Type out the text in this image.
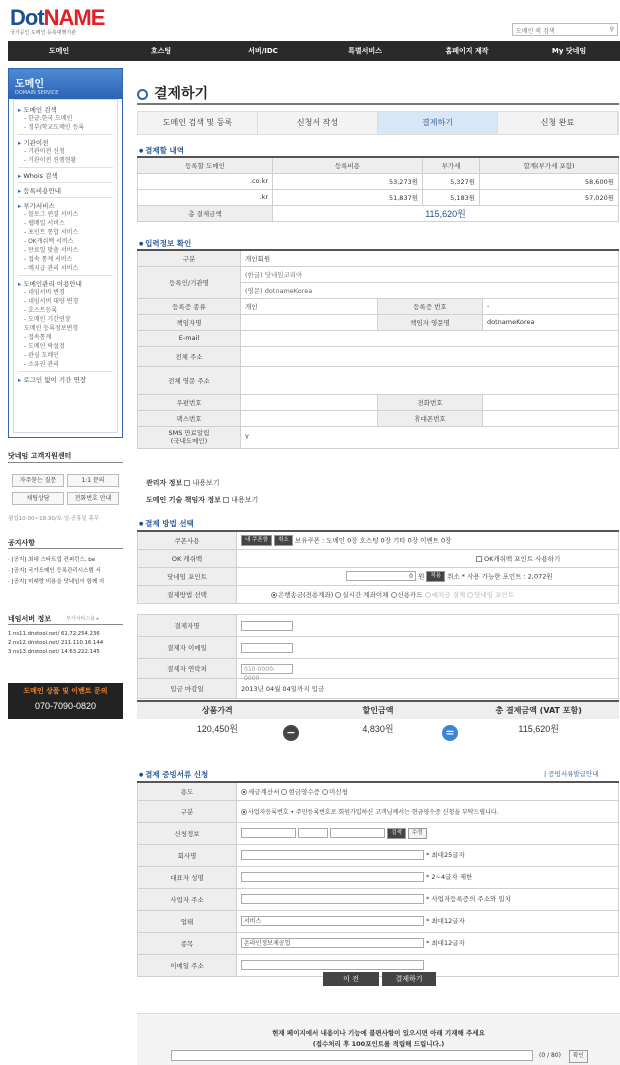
DotNAME
국가공인 도메인 등록대행기관	도메인 퀵 검색	⚲
도메인	호스팅	서버/IDC	특별서비스	홈페이지 제작	My 닷네임
도메인
DOMAIN SERVICE
▸ 도메인 검색
- 한글.한국 도메인
- 정부/학교도메인 등록
▸ 기관이전
- 기관이전 신청
- 기관이전 진행현황
▸ Whois 검색
▸ 등록비용안내
▸ 부가서비스
- 블로그 연결 서비스
- 웹메일 서비스
- 포인트 통합 서비스
- OK캐쉬백 서비스
- 만료일 맞춤 서비스
- 접속 통계 서비스
- 메지급 관리 서비스
▸ 도메인관리 이용안내
- 네임서버 변경
- 네임서버 대량 변경
- 호스트등록
- 도메인 기간연장
도메인 등록정보변경
- 접속통계
- 도메인 락설정
- 관심 도메인
- 소유권 관리
▸ 로그인 없이 기간 연장
닷네임 고객지원센터
자주묻는 질문	1:1 문의
채팅상담	전화번호 안내
평일10:00~18:30/토·일·공휴일 휴무
공지사항
· [공지] 최대 스타트업 컨퍼런스, be
· [공지] 국가도메인 등록관리시스템 서
· [공지] 미래랑 비용을 닷네임이 함께 지
네임서버 정보	부가서비스용 ▸
1 ns11.dnstool.net/ 61.72.254.236
2 ns12.dnstool.net/ 211.110.16.144
3 ns13.dnstool.net/ 14.63.222.145
도메인 상품 및 이벤트 문의
070-7090-0820
결제하기
도메인 검색 및 등록	신청서 작성	결제하기	신청 완료
● 결제할 내역
등록할 도메인	등록비용	부가세	합계(부가세 포함)
.co.kr	53,273원	5,327원	58,600원
.kr	51,837원	5,183원	57,020원
총 결제금액	115,620원		
● 입력정보 확인
구분	개인회원		
등록인/기관명	(한글) 닷네임코리아		
	(영문) dotnameKorea		
등록증 종류	개인	등록증 번호	-
책임자명		책임자 영문명	dotnameKorea
E-mail			
전체 주소			
전체 영문 주소			
우편번호		전화번호	
팩스번호		휴대폰번호	
SMS 만료알림
(국내도메인)	Y		
관리자 정보 내용보기
도메인 기술 책임자 정보 내용보기
● 결제 방법 선택
쿠폰사용	내 쿠폰함 취소 보유쿠폰 : 도메인 0장 호스팅 0장 기타 0장 이벤트 0장
OK 캐쉬백	OK캐쉬백 포인트 사용하기
닷네임 포인트	0 원 적용 취소 * 사용 가능한 포인트 : 2,072원
결제방법 선택	은행송금(전용계좌) 실시간 계좌이체 신용카드 예치금 결제 닷네임 포인트
결제자명	
결제자 이메일	
결제자 연락처	010-0000-0000
입금 마감일	2013년 04월 04일까지 입금
상품가격	할인금액	총 결제금액 (VAT 포함)
120,450원	4,830원	115,620원
−	=
● 결제 증빙서류 신청	| 증빙서류발급안내
용도	세금계산서 현금영수증 미신청
구분	사업자등록번호 • 주민등록번호로 회원가입하신 고객님께서는 현금영수증 신청을 부탁드립니다.
신청정보	검색 수정
회사명	* 최대25글자
대표자 성명	* 2~4글자 제한
사업자 주소	* 사업자등록증의 주소와 일치
업태	서비스 * 최대12글자
종목	온라인정보제공업 * 최대12글자
이메일 주소	
이 전	결제하기
현재 페이지에서 내용이나 기능에 불편사항이 있으시면 아래 기재해 주세요
(접수처리 후 100포인트를 적립해 드립니다.)
(0 / 80)	확인
